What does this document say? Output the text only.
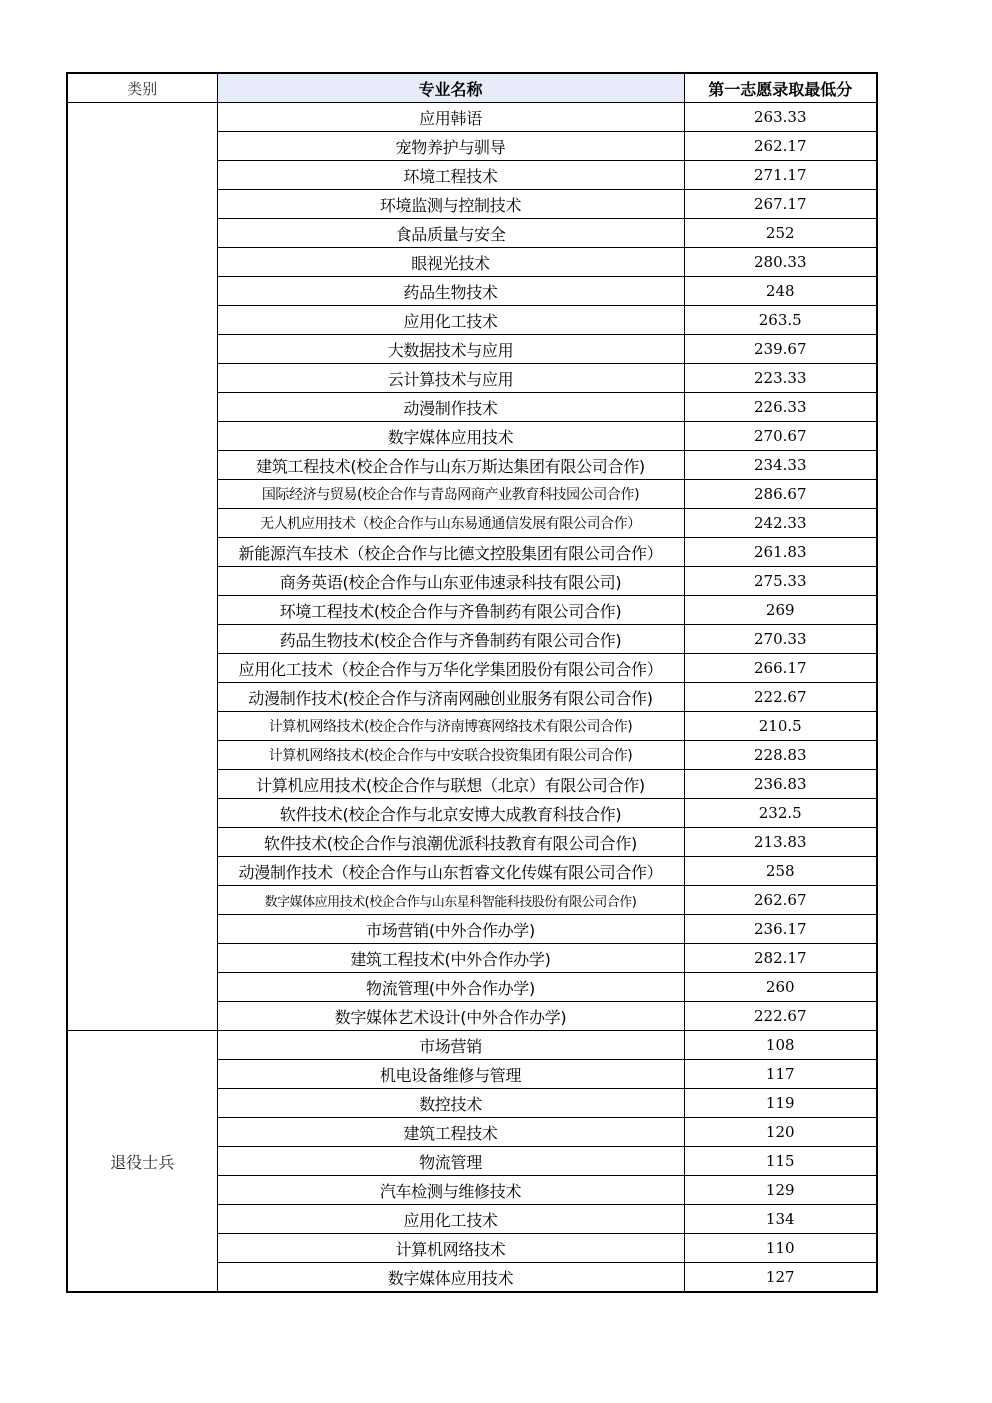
类别	专业名称	第一志愿录取最低分
	应用韩语	263.33
	宠物养护与驯导	262.17
	环境工程技术	271.17
	环境监测与控制技术	267.17
	食品质量与安全	252
	眼视光技术	280.33
	药品生物技术	248
	应用化工技术	263.5
	大数据技术与应用	239.67
	云计算技术与应用	223.33
	动漫制作技术	226.33
	数字媒体应用技术	270.67
	建筑工程技术(校企合作与山东万斯达集团有限公司合作)	234.33
	国际经济与贸易(校企合作与青岛网商产业教育科技园公司合作)	286.67
	无人机应用技术（校企合作与山东易通通信发展有限公司合作）	242.33
	新能源汽车技术（校企合作与比德文控股集团有限公司合作）	261.83
	商务英语(校企合作与山东亚伟速录科技有限公司)	275.33
	环境工程技术(校企合作与齐鲁制药有限公司合作)	269
	药品生物技术(校企合作与齐鲁制药有限公司合作)	270.33
	应用化工技术（校企合作与万华化学集团股份有限公司合作）	266.17
	动漫制作技术(校企合作与济南网融创业服务有限公司合作)	222.67
	计算机网络技术(校企合作与济南博赛网络技术有限公司合作)	210.5
	计算机网络技术(校企合作与中安联合投资集团有限公司合作)	228.83
	计算机应用技术(校企合作与联想（北京）有限公司合作)	236.83
	软件技术(校企合作与北京安博大成教育科技合作)	232.5
	软件技术(校企合作与浪潮优派科技教育有限公司合作)	213.83
	动漫制作技术（校企合作与山东哲睿文化传媒有限公司合作）	258
	数字媒体应用技术(校企合作与山东星科智能科技股份有限公司合作)	262.67
	市场营销(中外合作办学)	236.17
	建筑工程技术(中外合作办学)	282.17
	物流管理(中外合作办学)	260
	数字媒体艺术设计(中外合作办学)	222.67
退役士兵	市场营销	108
	机电设备维修与管理	117
	数控技术	119
	建筑工程技术	120
	物流管理	115
	汽车检测与维修技术	129
	应用化工技术	134
	计算机网络技术	110
	数字媒体应用技术	127
